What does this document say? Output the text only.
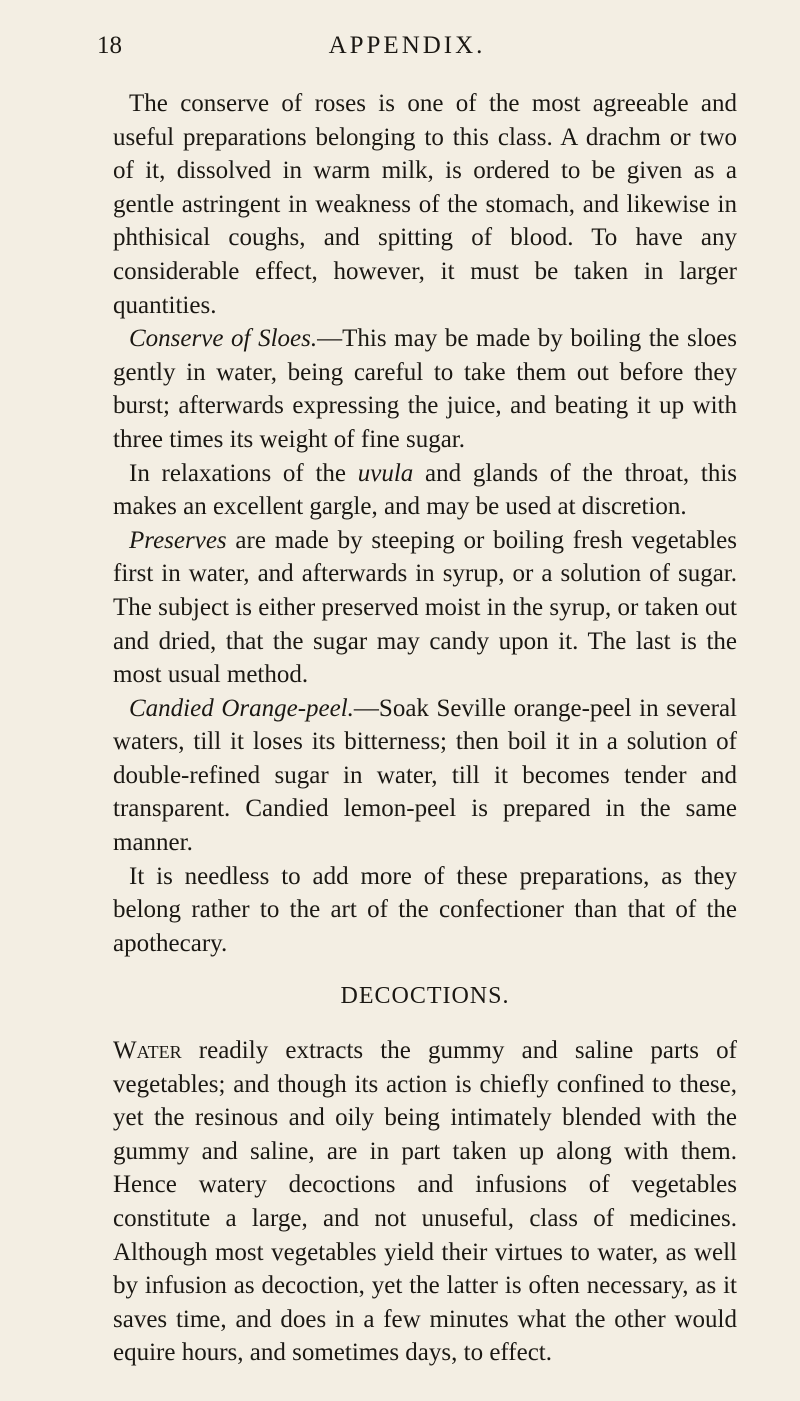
18	APPENDIX.

The conserve of roses is one of the most agreeable and useful preparations belonging to this class. A drachm or two of it, dissolved in warm milk, is ordered to be given as a gentle astringent in weakness of the stomach, and likewise in phthisical coughs, and spitting of blood. To have any considerable effect, however, it must be taken in larger quantities.

Conserve of Sloes.—This may be made by boiling the sloes gently in water, being careful to take them out before they burst; afterwards expressing the juice, and beating it up with three times its weight of fine sugar.

In relaxations of the uvula and glands of the throat, this makes an excellent gargle, and may be used at discretion.

Preserves are made by steeping or boiling fresh vegetables first in water, and afterwards in syrup, or a solution of sugar. The subject is either preserved moist in the syrup, or taken out and dried, that the sugar may candy upon it. The last is the most usual method.

Candied Orange-peel.—Soak Seville orange-peel in several waters, till it loses its bitterness; then boil it in a solution of double-refined sugar in water, till it becomes tender and transparent. Candied lemon-peel is prepared in the same manner.

It is needless to add more of these preparations, as they belong rather to the art of the confectioner than that of the apothecary.

DECOCTIONS.

Water readily extracts the gummy and saline parts of vegetables; and though its action is chiefly confined to these, yet the resinous and oily being intimately blended with the gummy and saline, are in part taken up along with them. Hence watery decoctions and infusions of vegetables constitute a large, and not unuseful, class of medicines. Although most vegetables yield their virtues to water, as well by infusion as decoction, yet the latter is often necessary, as it saves time, and does in a few minutes what the other would equire hours, and sometimes days, to effect.
